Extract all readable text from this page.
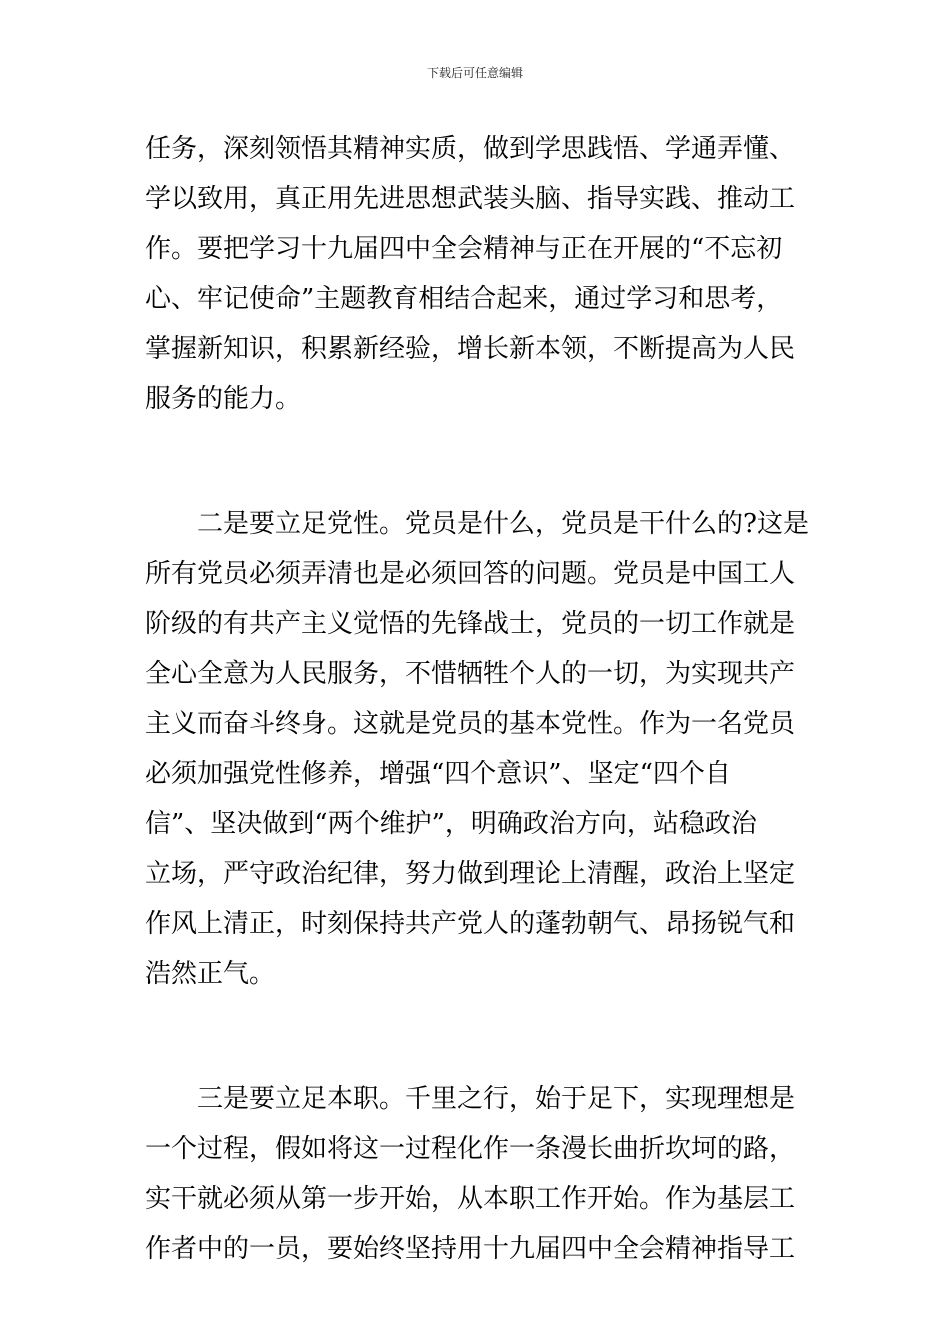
下载后可任意编辑
任务，深刻领悟其精神实质，做到学思践悟、学通弄懂、
学以致用，真正用先进思想武装头脑、指导实践、推动工
作。要把学习十九届四中全会精神与正在开展的“不忘初
心、牢记使命”主题教育相结合起来，通过学习和思考，
掌握新知识，积累新经验，增长新本领，不断提高为人民
服务的能力。
二是要立足党性。党员是什么，党员是干什么的?这是
所有党员必须弄清也是必须回答的问题。党员是中国工人
阶级的有共产主义觉悟的先锋战士，党员的一切工作就是
全心全意为人民服务，不惜牺牲个人的一切，为实现共产
主义而奋斗终身。这就是党员的基本党性。作为一名党员
必须加强党性修养，增强“四个意识”、坚定“四个自
信”、坚决做到“两个维护”，明确政治方向，站稳政治
立场，严守政治纪律，努力做到理论上清醒，政治上坚定
作风上清正，时刻保持共产党人的蓬勃朝气、昂扬锐气和
浩然正气。
三是要立足本职。千里之行，始于足下，实现理想是
一个过程，假如将这一过程化作一条漫长曲折坎坷的路，
实干就必须从第一步开始，从本职工作开始。作为基层工
作者中的一员，要始终坚持用十九届四中全会精神指导工
